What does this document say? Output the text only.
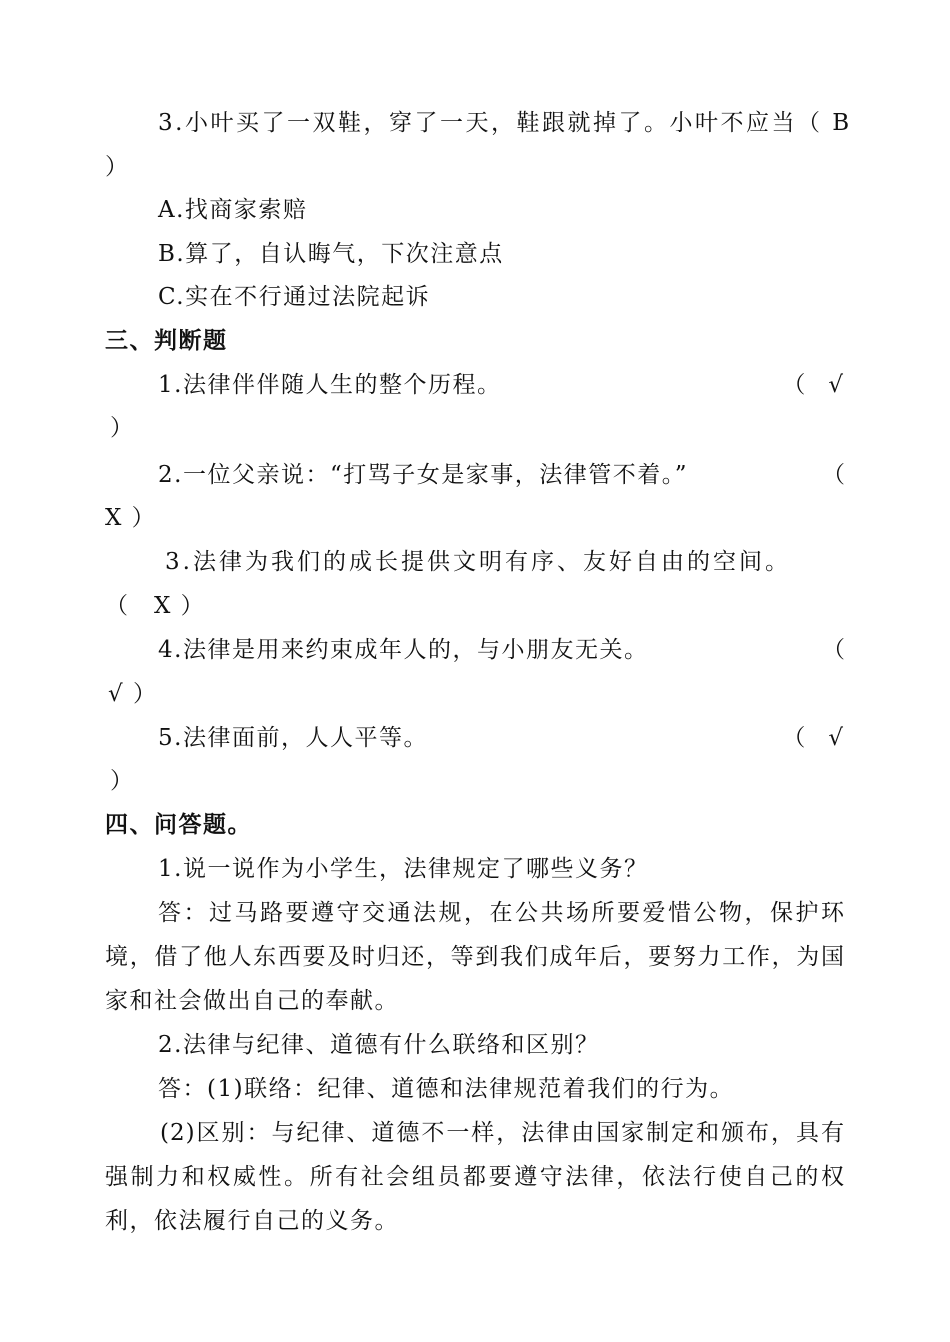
3.小叶买了一双鞋，穿了一天，鞋跟就掉了。小叶不应当（ B
）
A.找商家索赔
B.算了，自认晦气，下次注意点
C.实在不行通过法院起诉
三、判断题
1.法律伴伴随人生的整个历程。	（　√
）
2.一位父亲说：“打骂子女是家事，法律管不着。”	（
X ）
3.法律为我们的成长提供文明有序、友好自由的空间。
（　X ）
4.法律是用来约束成年人的，与小朋友无关。	（
√ ）
5.法律面前，人人平等。	（　√
）
四、问答题。
1.说一说作为小学生，法律规定了哪些义务？
答：过马路要遵守交通法规，在公共场所要爱惜公物，保护环
境，借了他人东西要及时归还，等到我们成年后，要努力工作，为国
家和社会做出自己的奉献。
2.法律与纪律、道德有什么联络和区别？
答：(1)联络：纪律、道德和法律规范着我们的行为。
(2)区别：与纪律、道德不一样，法律由国家制定和颁布，具有
强制力和权威性。所有社会组员都要遵守法律，依法行使自己的权
利，依法履行自己的义务。
